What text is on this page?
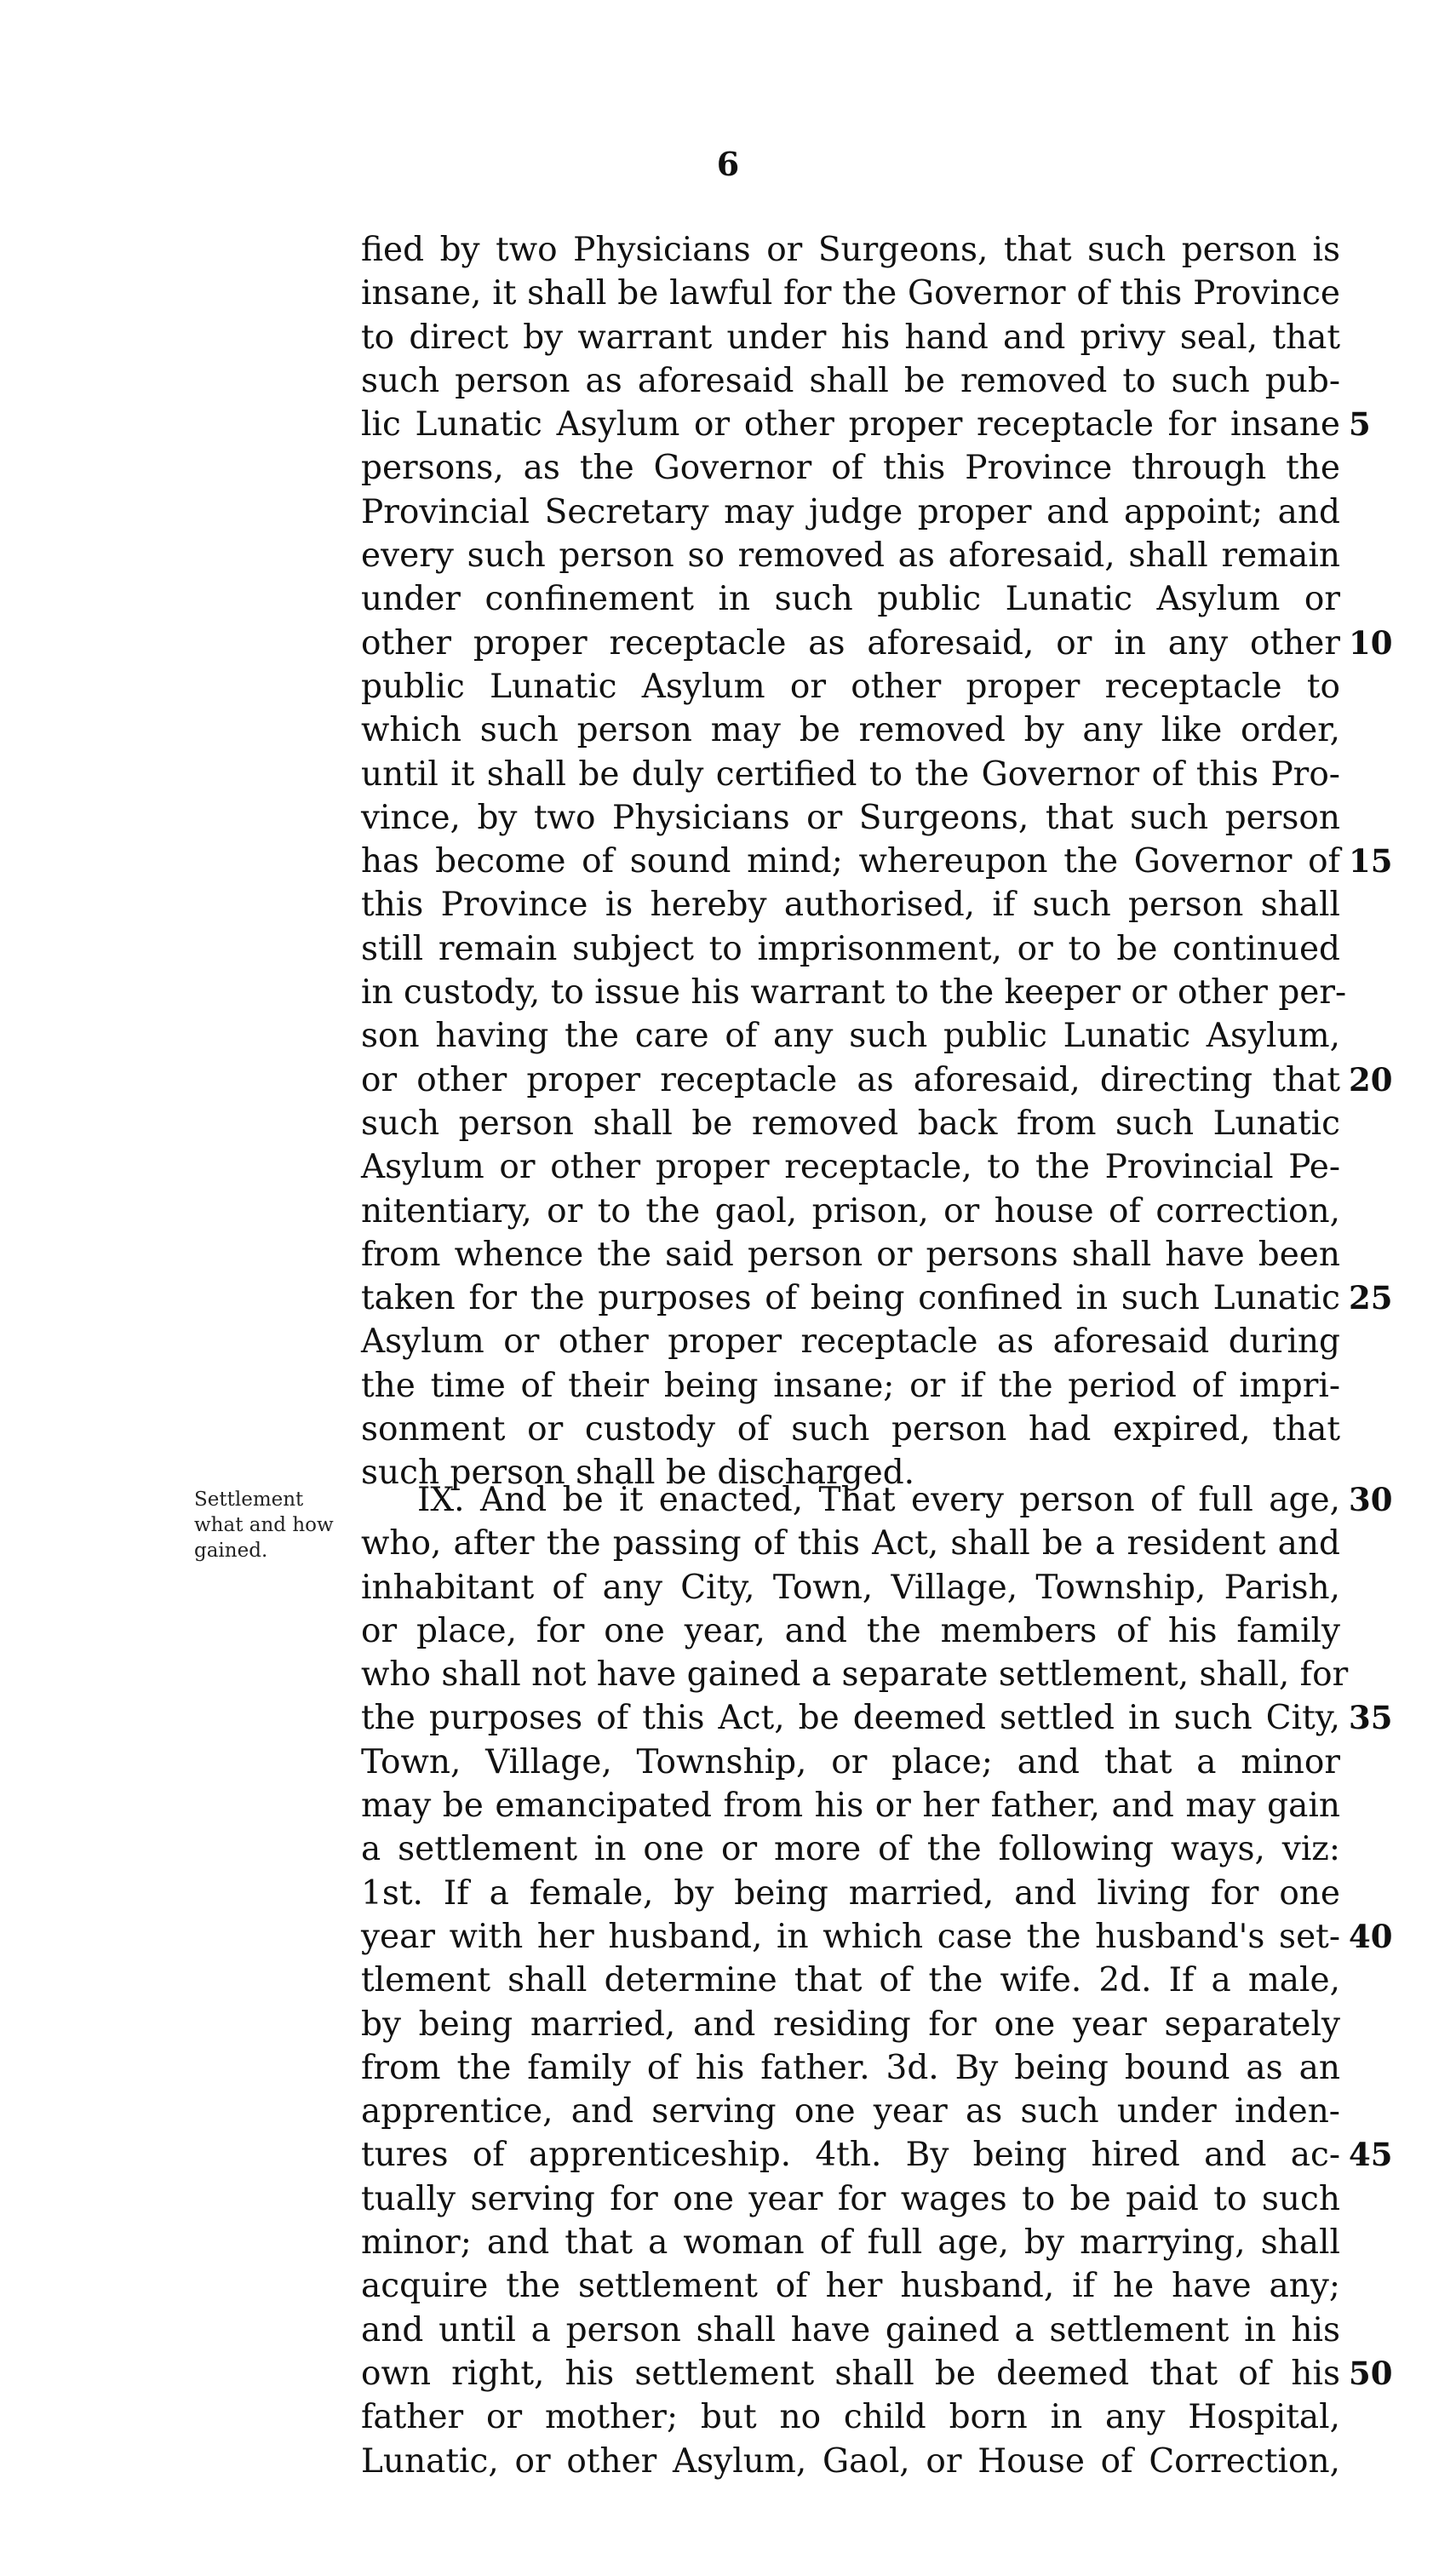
6
Settlement
what and how
gained.
fied by two Physicians or Surgeons, that such person is
insane, it shall be lawful for the Governor of this Province
to direct by warrant under his hand and privy seal, that
such person as aforesaid shall be removed to such pub-
lic Lunatic Asylum or other proper receptacle for insane 5
persons, as the Governor of this Province through the
Provincial Secretary may judge proper and appoint; and
every such person so removed as aforesaid, shall remain
under confinement in such public Lunatic Asylum or
other proper receptacle as aforesaid, or in any other 10
public Lunatic Asylum or other proper receptacle to
which such person may be removed by any like order,
until it shall be duly certified to the Governor of this Pro-
vince, by two Physicians or Surgeons, that such person
has become of sound mind; whereupon the Governor of 15
this Province is hereby authorised, if such person shall
still remain subject to imprisonment, or to be continued
in custody, to issue his warrant to the keeper or other per-
son having the care of any such public Lunatic Asylum,
or other proper receptacle as aforesaid, directing that 20
such person shall be removed back from such Lunatic
Asylum or other proper receptacle, to the Provincial Pe-
nitentiary, or to the gaol, prison, or house of correction,
from whence the said person or persons shall have been
taken for the purposes of being confined in such Lunatic 25
Asylum or other proper receptacle as aforesaid during
the time of their being insane; or if the period of impri-
sonment or custody of such person had expired, that
such person shall be discharged.
IX. And be it enacted, That every person of full age, 30
who, after the passing of this Act, shall be a resident and
inhabitant of any City, Town, Village, Township, Parish,
or place, for one year, and the members of his family
who shall not have gained a separate settlement, shall, for
the purposes of this Act, be deemed settled in such City, 35
Town, Village, Township, or place; and that a minor
may be emancipated from his or her father, and may gain
a settlement in one or more of the following ways, viz:
1st. If a female, by being married, and living for one
year with her husband, in which case the husband's set- 40
tlement shall determine that of the wife. 2d. If a male,
by being married, and residing for one year separately
from the family of his father. 3d. By being bound as an
apprentice, and serving one year as such under inden-
tures of apprenticeship. 4th. By being hired and ac- 45
tually serving for one year for wages to be paid to such
minor; and that a woman of full age, by marrying, shall
acquire the settlement of her husband, if he have any;
and until a person shall have gained a settlement in his
own right, his settlement shall be deemed that of his 50
father or mother; but no child born in any Hospital,
Lunatic, or other Asylum, Gaol, or House of Correction,
